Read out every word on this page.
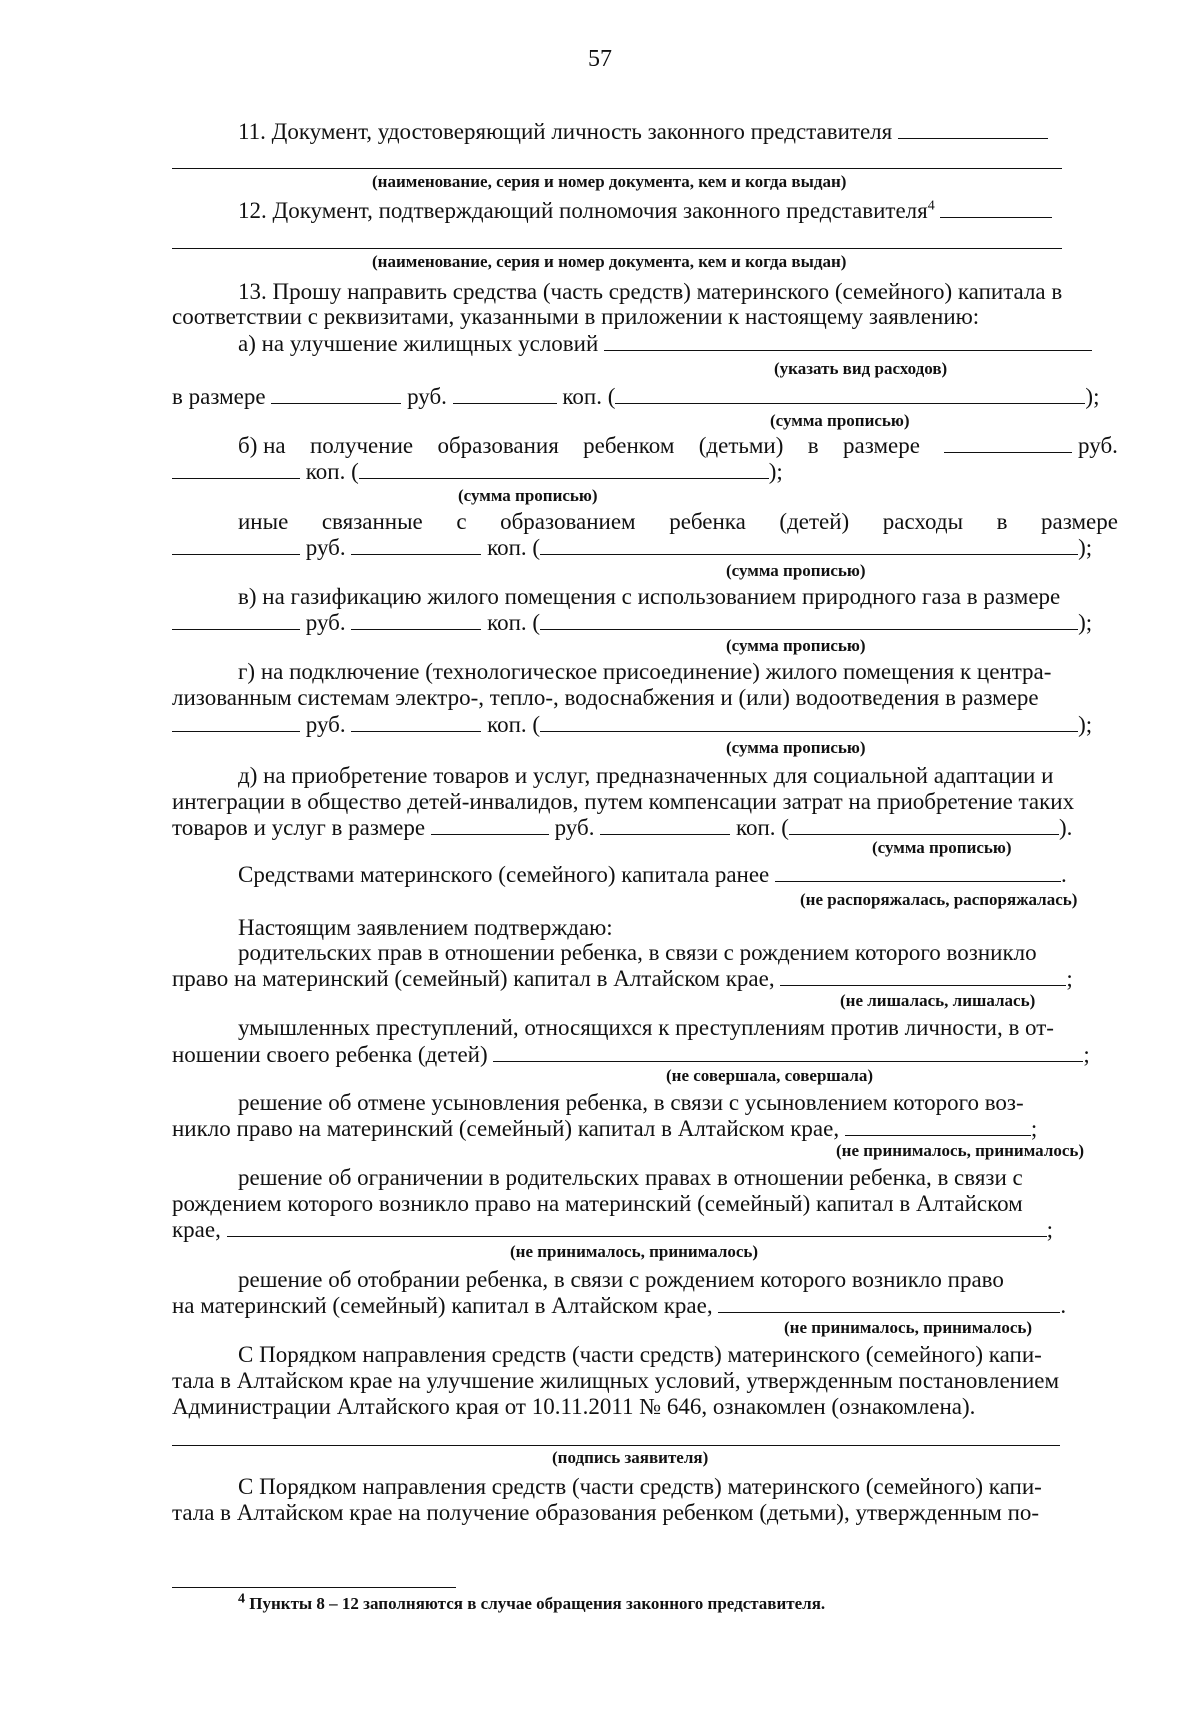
57
11. Документ, удостоверяющий личность законного представителя
(наименование, серия и номер документа, кем и когда выдан)
12. Документ, подтверждающий полномочия законного представителя$^4$
(наименование, серия и номер документа, кем и когда выдан)
13. Прошу направить средства (часть средств) материнского (семейного) капитала в
соответствии с реквизитами, указанными в приложении к настоящему заявлению:
а) на улучшение жилищных условий
(указать вид расходов)
в размере	руб.	коп. (	);
(сумма прописью)
б) на получение образования ребенком (детьми) в размере	руб.
коп. (	);
(сумма прописью)
иные связанные с образованием ребенка (детей) расходы в размере
руб.	коп. (	);
(сумма прописью)
в) на газификацию жилого помещения с использованием природного газа в размере
руб.	коп. (	);
(сумма прописью)
г) на подключение (технологическое присоединение) жилого помещения к центра-
лизованным системам электро-, тепло-, водоснабжения и (или) водоотведения в размере
руб.	коп. (	);
(сумма прописью)
д) на приобретение товаров и услуг, предназначенных для социальной адаптации и
интеграции в общество детей-инвалидов, путем компенсации затрат на приобретение таких
товаров и услуг в размере	руб.	коп. (	).
(сумма прописью)
Средствами материнского (семейного) капитала ранее	.
(не распоряжалась, распоряжалась)
Настоящим заявлением подтверждаю:
родительских прав в отношении ребенка, в связи с рождением которого возникло
право на материнский (семейный) капитал в Алтайском крае,	;
(не лишалась, лишалась)
умышленных преступлений, относящихся к преступлениям против личности, в от-
ношении своего ребенка (детей)	;
(не совершала, совершала)
решение об отмене усыновления ребенка, в связи с усыновлением которого воз-
никло право на материнский (семейный) капитал в Алтайском крае,	;
(не принималось, принималось)
решение об ограничении в родительских правах в отношении ребенка, в связи с
рождением которого возникло право на материнский (семейный) капитал в Алтайском
крае,	;
(не принималось, принималось)
решение об отобрании ребенка, в связи с рождением которого возникло право
на материнский (семейный) капитал в Алтайском крае,	.
(не принималось, принималось)
С Порядком направления средств (части средств) материнского (семейного) капи-
тала в Алтайском крае на улучшение жилищных условий, утвержденным постановлением
Администрации Алтайского края от 10.11.2011 № 646, ознакомлен (ознакомлена).
(подпись заявителя)
С Порядком направления средств (части средств) материнского (семейного) капи-
тала в Алтайском крае на получение образования ребенком (детьми), утвержденным по-
$^4$ Пункты 8 – 12 заполняются в случае обращения законного представителя.
